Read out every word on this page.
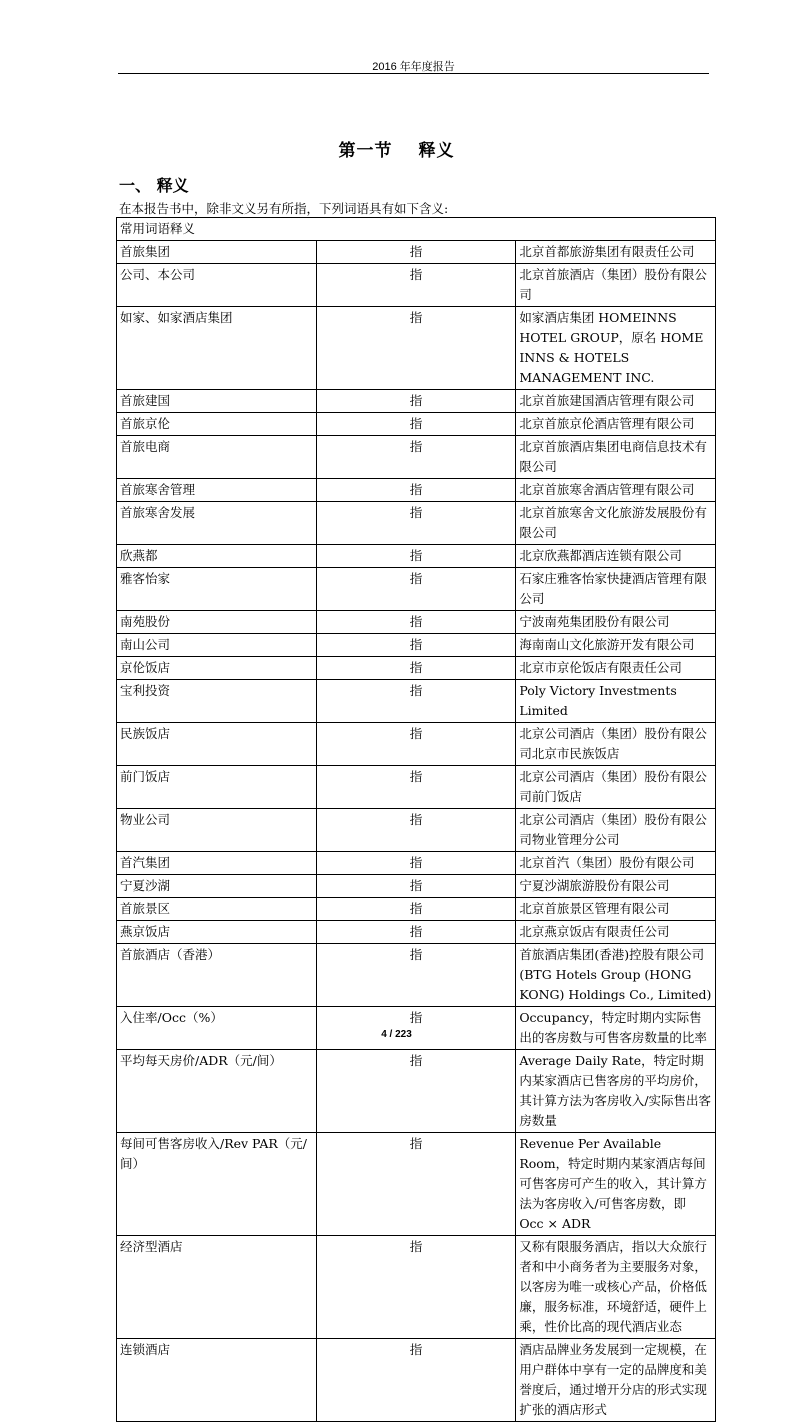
2016 年年度报告
第一节 释义
一、 释义
在本报告书中，除非文义另有所指，下列词语具有如下含义:
常用词语释义		
首旅集团	指	北京首都旅游集团有限责任公司
公司、本公司	指	北京首旅酒店（集团）股份有限公司
如家、如家酒店集团	指	如家酒店集团 HOMEINNS HOTEL GROUP，原名 HOME INNS & HOTELS MANAGEMENT INC.
首旅建国	指	北京首旅建国酒店管理有限公司
首旅京伦	指	北京首旅京伦酒店管理有限公司
首旅电商	指	北京首旅酒店集团电商信息技术有限公司
首旅寒舍管理	指	北京首旅寒舍酒店管理有限公司
首旅寒舍发展	指	北京首旅寒舍文化旅游发展股份有限公司
欣燕都	指	北京欣燕都酒店连锁有限公司
雅客怡家	指	石家庄雅客怡家快捷酒店管理有限公司
南苑股份	指	宁波南苑集团股份有限公司
南山公司	指	海南南山文化旅游开发有限公司
京伦饭店	指	北京市京伦饭店有限责任公司
宝利投资	指	Poly Victory Investments Limited
民族饭店	指	北京公司酒店（集团）股份有限公司北京市民族饭店
前门饭店	指	北京公司酒店（集团）股份有限公司前门饭店
物业公司	指	北京公司酒店（集团）股份有限公司物业管理分公司
首汽集团	指	北京首汽（集团）股份有限公司
宁夏沙湖	指	宁夏沙湖旅游股份有限公司
首旅景区	指	北京首旅景区管理有限公司
燕京饭店	指	北京燕京饭店有限责任公司
首旅酒店（香港）	指	首旅酒店集团(香港)控股有限公司(BTG Hotels Group (HONG KONG) Holdings Co., Limited)
入住率/Occ（%）	指	Occupancy，特定时期内实际售出的客房数与可售客房数量的比率
平均每天房价/ADR（元/间）	指	Average Daily Rate，特定时期内某家酒店已售客房的平均房价，其计算方法为客房收入/实际售出客房数量
每间可售客房收入/Rev PAR（元/间）	指	Revenue Per Available Room，特定时期内某家酒店每间可售客房可产生的收入，其计算方法为客房收入/可售客房数，即 Occ × ADR
经济型酒店	指	又称有限服务酒店，指以大众旅行者和中小商务者为主要服务对象，以客房为唯一或核心产品，价格低廉，服务标准，环境舒适，硬件上乘，性价比高的现代酒店业态
连锁酒店	指	酒店品牌业务发展到一定规模，在用户群体中享有一定的品牌度和美誉度后，通过增开分店的形式实现扩张的酒店形式
4 / 223
